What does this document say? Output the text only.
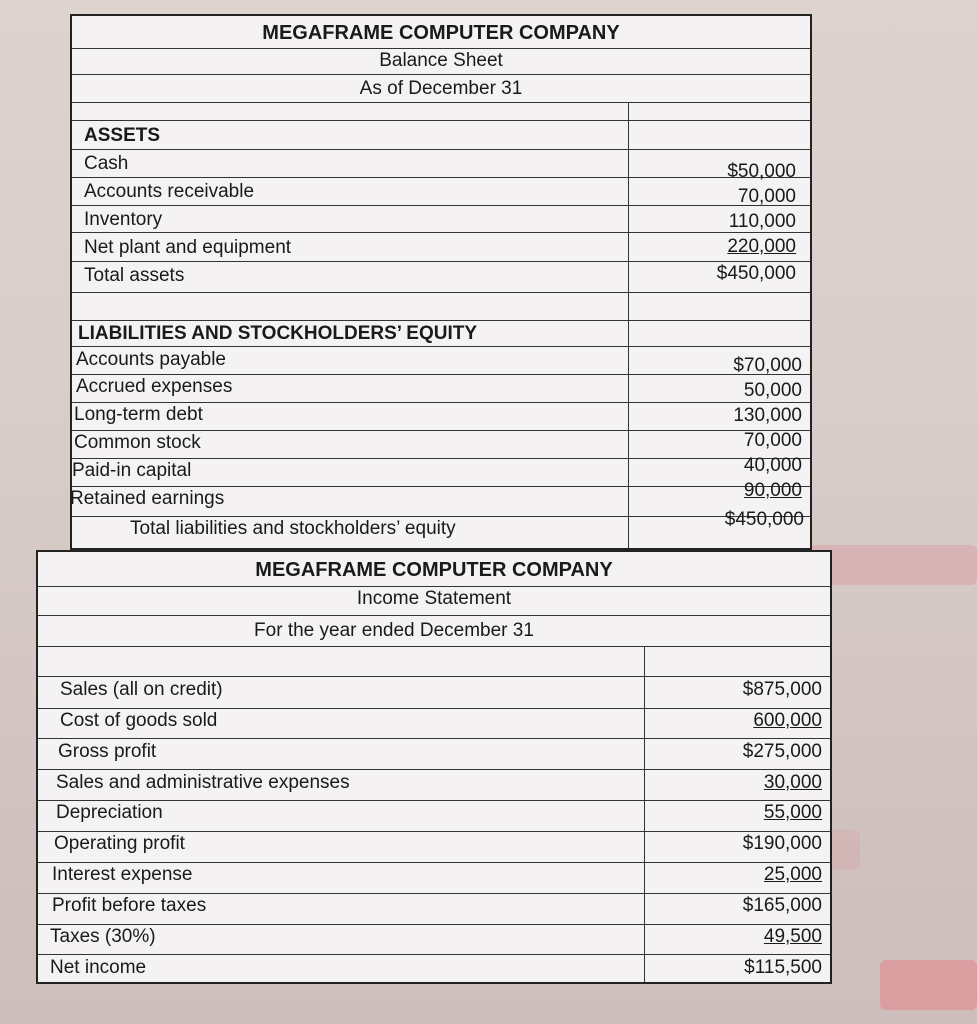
MEGAFRAME COMPUTER COMPANY
Balance Sheet
As of December 31
ASSETS
Cash
Accounts receivable
Inventory
Net plant and equipment
Total assets
$50,000
70,000
110,000
220,000
$450,000
LIABILITIES AND STOCKHOLDERS’ EQUITY
Accounts payable
Accrued expenses
Long-term debt
Common stock
Paid-in capital
Retained earnings
Total liabilities and stockholders’ equity
$70,000
50,000
130,000
70,000
40,000
90,000
$450,000
MEGAFRAME COMPUTER COMPANY
Income Statement
For the year ended December 31
Sales (all on credit)
Cost of goods sold
Gross profit
Sales and administrative expenses
Depreciation
Operating profit
Interest expense
Profit before taxes
Taxes (30%)
Net income
$875,000
600,000
$275,000
30,000
55,000
$190,000
25,000
$165,000
49,500
$115,500
